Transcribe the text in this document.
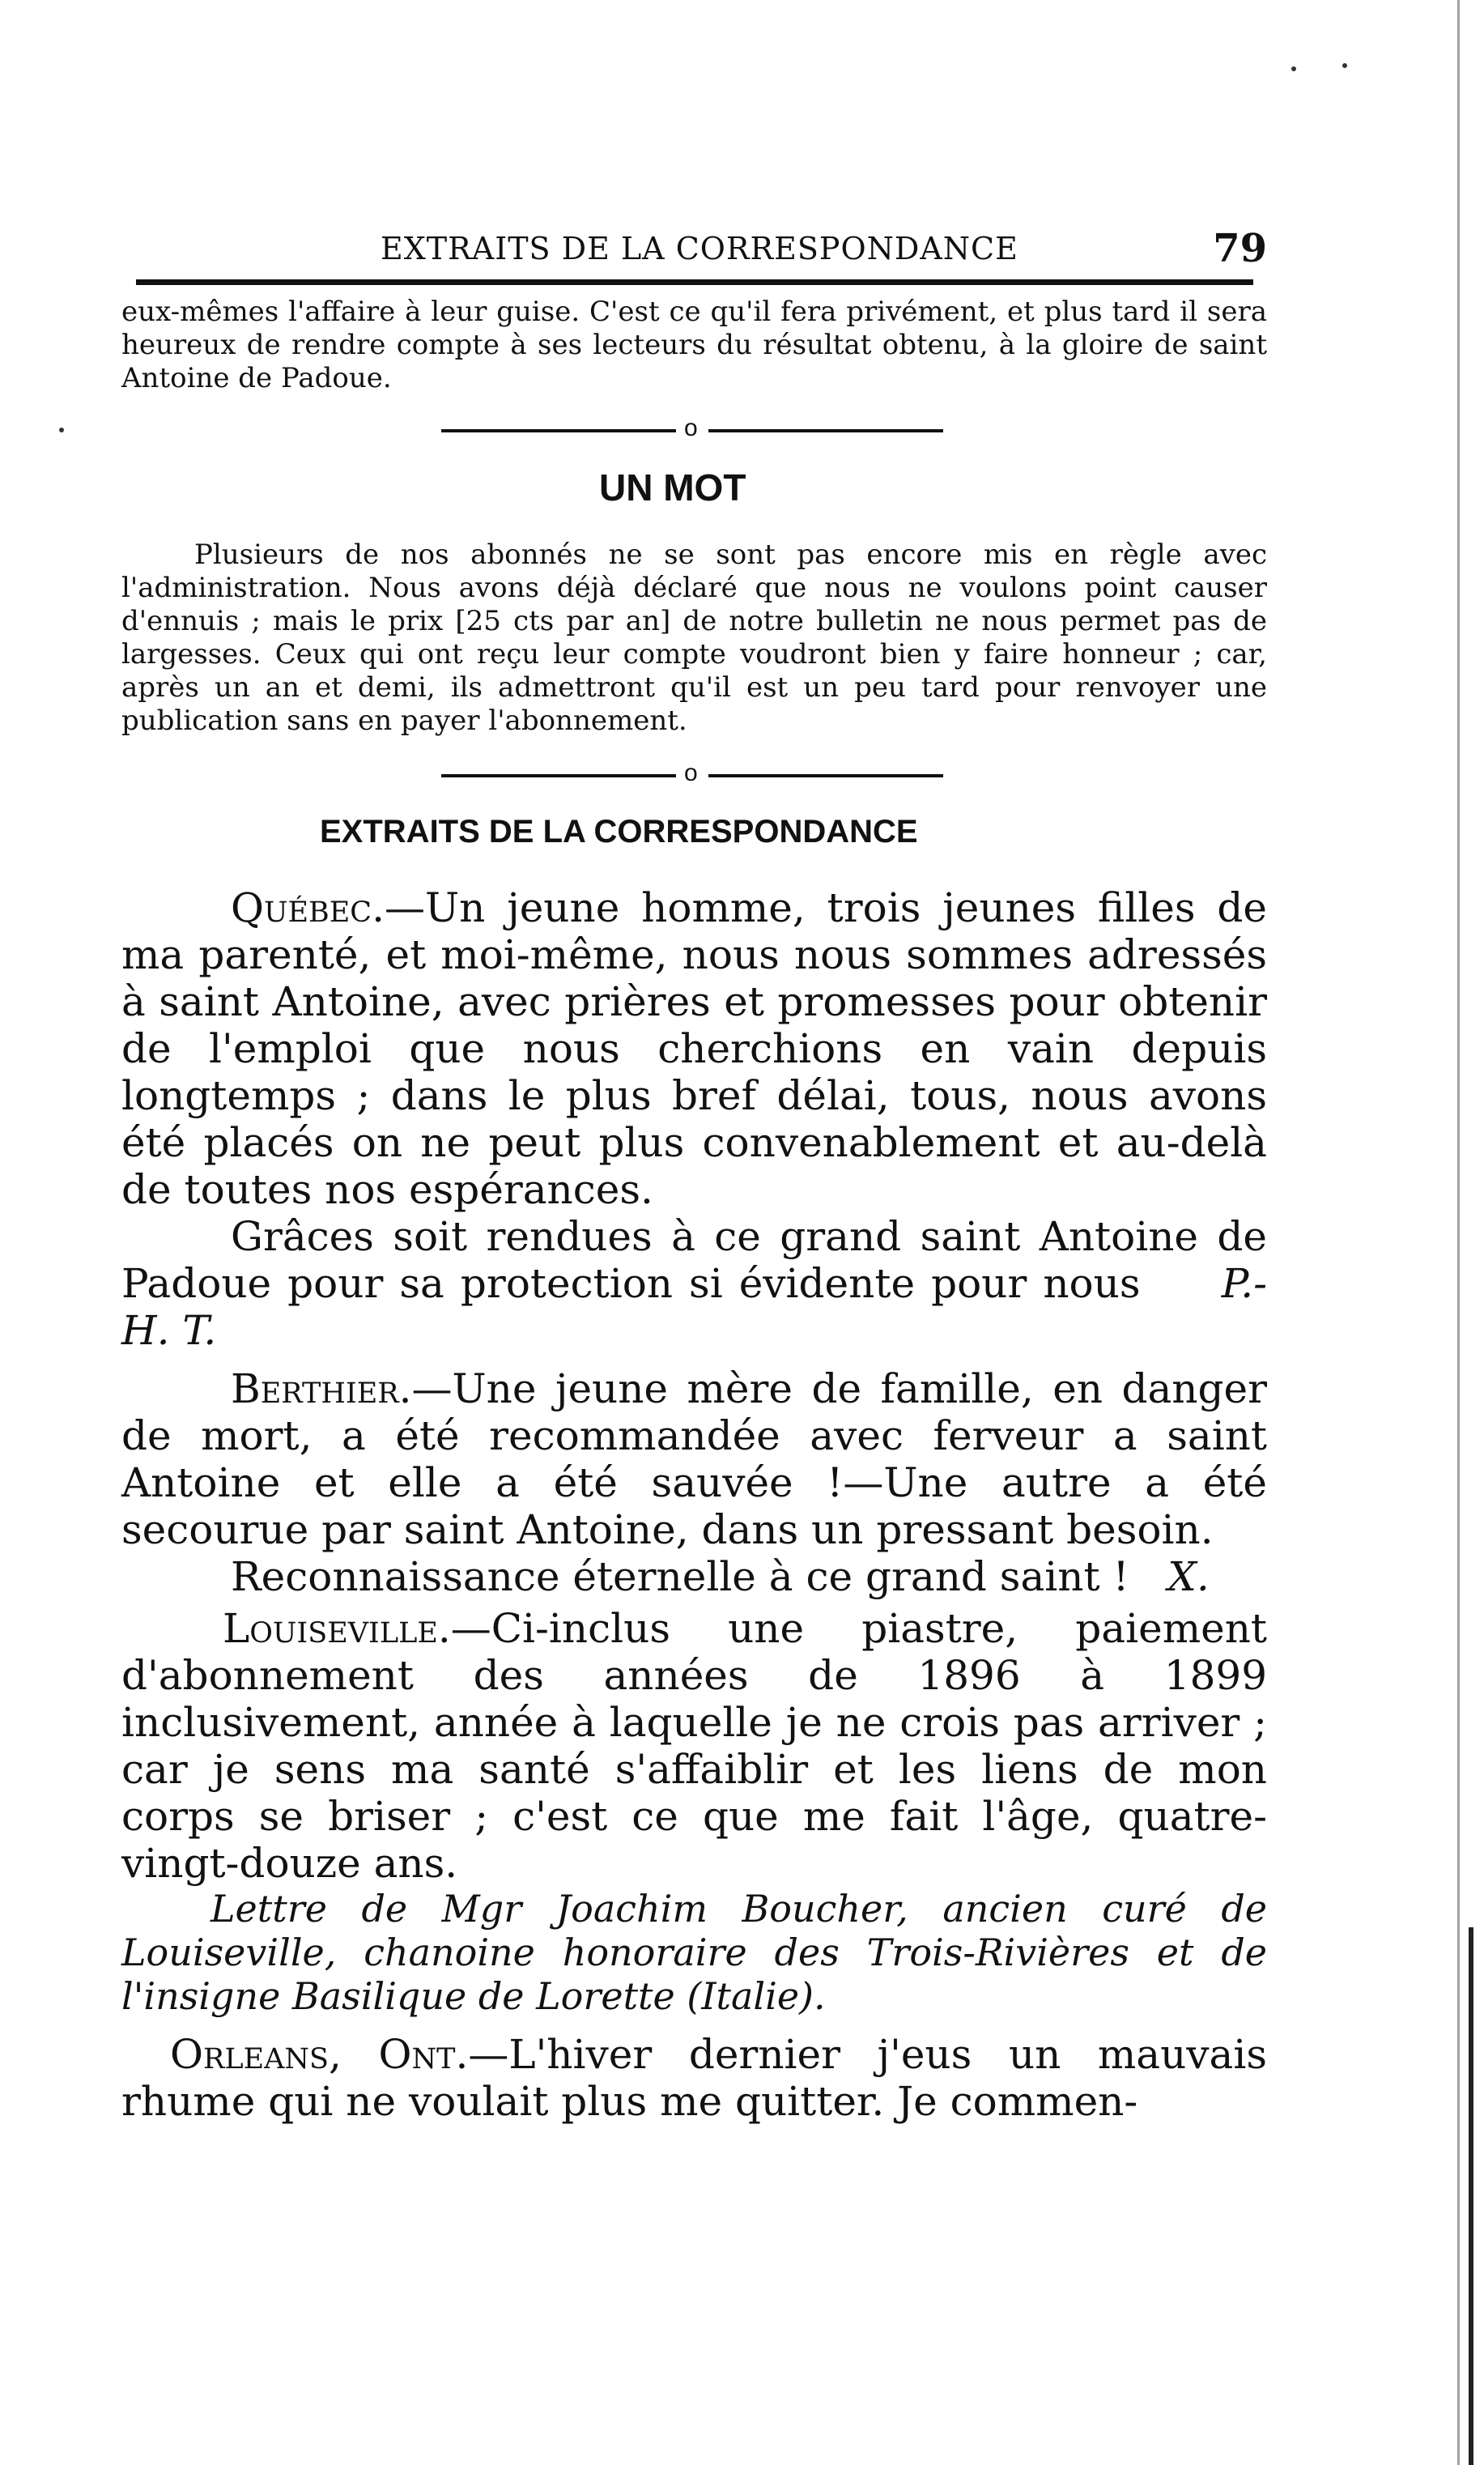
EXTRAITS DE LA CORRESPONDANCE	79

eux-mêmes l'affaire à leur guise. C'est ce qu'il fera privément, et plus tard il sera heureux de rendre compte à ses lecteurs du résultat obtenu, à la gloire de saint Antoine de Padoue.

o
UN MOT

Plusieurs de nos abonnés ne se sont pas encore mis en règle avec l'administration. Nous avons déjà déclaré que nous ne voulons point causer d'ennuis ; mais le prix [25 cts par an] de notre bulletin ne nous permet pas de largesses. Ceux qui ont reçu leur compte voudront bien y faire honneur ; car, après un an et demi, ils admettront qu'il est un peu tard pour renvoyer une publication sans en payer l'abonnement.

o
EXTRAITS DE LA CORRESPONDANCE

Québec.—Un jeune homme, trois jeunes filles de ma parenté, et moi-même, nous nous sommes adressés à saint Antoine, avec prières et promesses pour obtenir de l'emploi que nous cherchions en vain depuis longtemps ; dans le plus bref délai, tous, nous avons été placés on ne peut plus convenablement et au-delà de toutes nos espérances.

Grâces soit rendues à ce grand saint Antoine de Padoue pour sa protection si évidente pour nous P.-H. T.

Berthier.—Une jeune mère de famille, en danger de mort, a été recommandée avec ferveur a saint Antoine et elle a été sauvée !—Une autre a été secourue par saint Antoine, dans un pressant besoin.

Reconnaissance éternelle à ce grand saint ! X.

Louiseville.—Ci-inclus une piastre, paiement d'abonnement des années de 1896 à 1899 inclusivement, année à laquelle je ne crois pas arriver ; car je sens ma santé s'affaiblir et les liens de mon corps se briser ; c'est ce que me fait l'âge, quatre-vingt-douze ans.

Lettre de Mgr Joachim Boucher, ancien curé de Louiseville, chanoine honoraire des Trois-Rivières et de l'insigne Basilique de Lorette (Italie).

Orleans, Ont.—L'hiver dernier j'eus un mauvais rhume qui ne voulait plus me quitter. Je commen-
